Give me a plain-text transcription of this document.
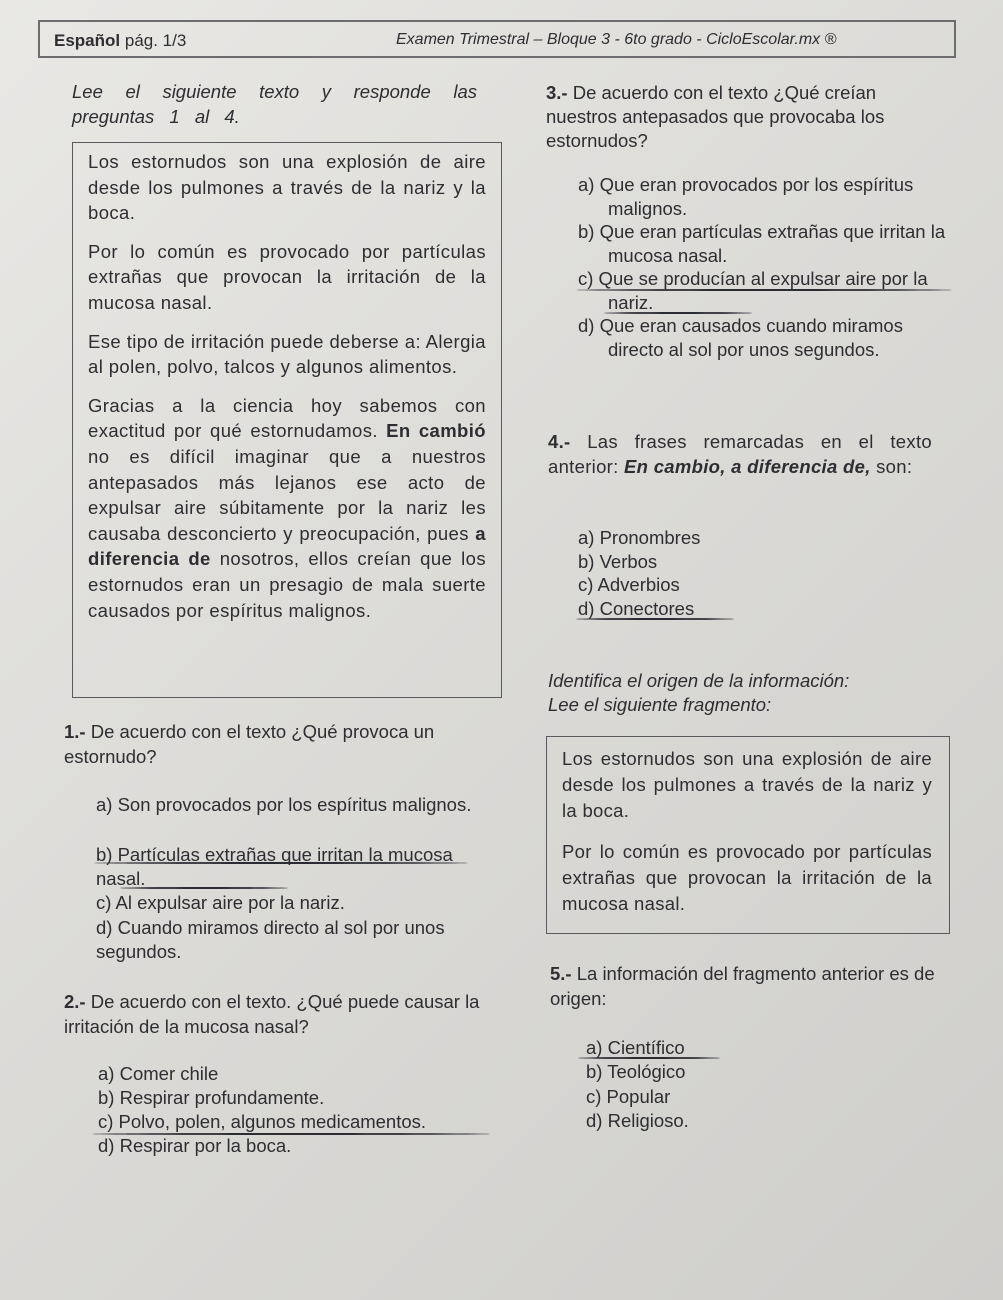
Español pág. 1/3	Examen Trimestral – Bloque 3 - 6to grado - CicloEscolar.mx ®
Lee el siguiente texto y responde las preguntas 1 al 4.

Los estornudos son una explosión de aire desde los pulmones a través de la nariz y la boca.

Por lo común es provocado por partículas extrañas que provocan la irritación de la mucosa nasal.

Ese tipo de irritación puede deberse a: Alergia al polen, polvo, talcos y algunos alimentos.

Gracias a la ciencia hoy sabemos con exactitud por qué estornudamos. En cambió no es difícil imaginar que a nuestros antepasados más lejanos ese acto de expulsar aire súbitamente por la nariz les causaba desconcierto y preocupación, pues a diferencia de nosotros, ellos creían que los estornudos eran un presagio de mala suerte causados por espíritus malignos.

1.- De acuerdo con el texto ¿Qué provoca un estornudo?
a) Son provocados por los espíritus malignos.
b) Partículas extrañas que irritan la mucosa nasal.
c) Al expulsar aire por la nariz.
d) Cuando miramos directo al sol por unos segundos.
2.- De acuerdo con el texto. ¿Qué puede causar la irritación de la mucosa nasal?
a) Comer chile
b) Respirar profundamente.
c) Polvo, polen, algunos medicamentos.
d) Respirar por la boca.
3.- De acuerdo con el texto ¿Qué creían nuestros antepasados que provocaba los estornudos?
a) Que eran provocados por los espíritus malignos.
b) Que eran partículas extrañas que irritan la mucosa nasal.
c) Que se producían al expulsar aire por la nariz.
d) Que eran causados cuando miramos directo al sol por unos segundos.
4.- Las frases remarcadas en el texto anterior: En cambio, a diferencia de, son:
a) Pronombres
b) Verbos
c) Adverbios
d) Conectores
Identifica el origen de la información:
Lee el siguiente fragmento:

Los estornudos son una explosión de aire desde los pulmones a través de la nariz y la boca.

Por lo común es provocado por partículas extrañas que provocan la irritación de la mucosa nasal.

5.- La información del fragmento anterior es de origen:
a) Científico
b) Teológico
c) Popular
d) Religioso.
